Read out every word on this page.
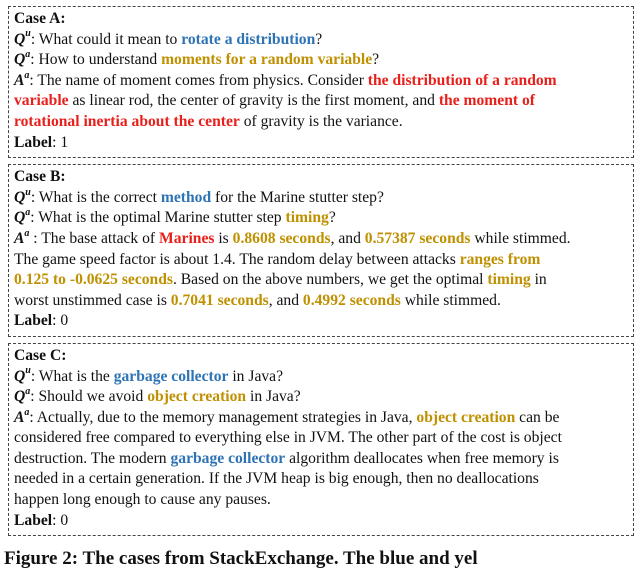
Case A:
$Q^u$: What could it mean to rotate a distribution?
$Q^a$: How to understand moments for a random variable?
$A^a$: The name of moment comes from physics. Consider the distribution of a random
variable as linear rod, the center of gravity is the first moment, and the moment of
rotational inertia about the center of gravity is the variance.
Label: 1
Case B:
$Q^u$: What is the correct method for the Marine stutter step?
$Q^a$: What is the optimal Marine stutter step timing?
$A^a$ : The base attack of Marines is 0.8608 seconds, and 0.57387 seconds while stimmed.
The game speed factor is about 1.4. The random delay between attacks ranges from
0.125 to -0.0625 seconds. Based on the above numbers, we get the optimal timing in
worst unstimmed case is 0.7041 seconds, and 0.4992 seconds while stimmed.
Label: 0
Case C:
$Q^u$: What is the garbage collector in Java?
$Q^a$: Should we avoid object creation in Java?
$A^a$: Actually, due to the memory management strategies in Java, object creation can be
considered free compared to everything else in JVM. The other part of the cost is object
destruction. The modern garbage collector algorithm deallocates when free memory is
needed in a certain generation. If the JVM heap is big enough, then no deallocations
happen long enough to cause any pauses.
Label: 0
Figure 2: The cases from StackExchange. The blue and yel
